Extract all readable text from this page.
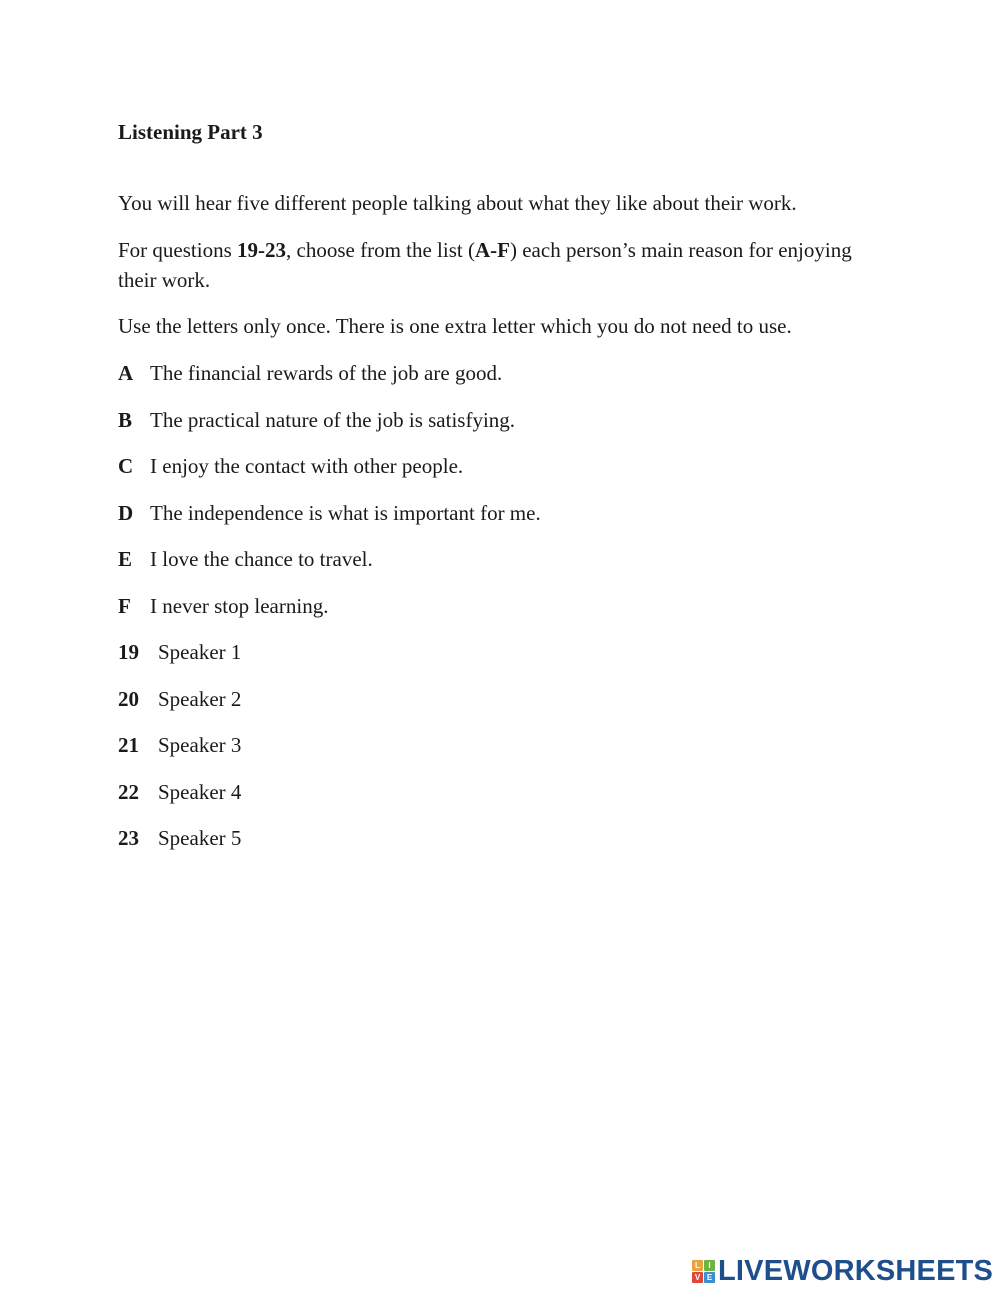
Listening Part 3
You will hear five different people talking about what they like about their work.
For questions 19-23, choose from the list (A-F) each person’s main reason for enjoying their work.
Use the letters only once. There is one extra letter which you do not need to use.
A The financial rewards of the job are good.
B The practical nature of the job is satisfying.
C I enjoy the contact with other people.
D The independence is what is important for me.
E I love the chance to travel.
F I never stop learning.
19 Speaker 1
20 Speaker 2
21 Speaker 3
22 Speaker 4
23 Speaker 5
L	I
V E LIVEWORKSHEETS
